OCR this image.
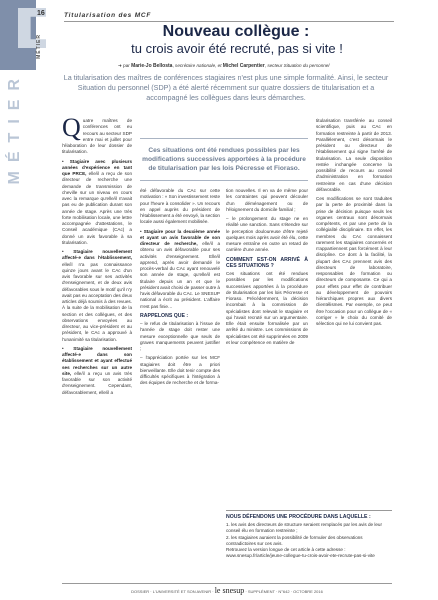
MÉTIER
16
MÉTIER
Titularisation des MCF
Nouveau collègue :
tu crois avoir été recruté, pas si vite !
➜ par Marie-Jo Bellosta, secrétaire nationale, et Michel Carpentier, secteur Situation du personnel
La titularisation des maîtres de conférences stagiaires n'est plus une simple formalité. Ainsi, le secteur Situation du personnel (SDP) a été alerté récemment sur quatre dossiers de titularisation et a accompagné les collègues dans leurs démarches.

Quatre maîtres de conférences ont eu recours au secteur SDP entre mai et juillet pour l'élaboration de leur dossier de titularisation.

• Stagiaire avec plusieurs années d'expérience en tant que PRCE, elle/il a reçu de son directeur de recherche une demande de transmission de cheville sur un niveau en cours avec la remarque qu'elle/il n'avait pas eu de publication durant son année de stage. Après une très forte mobilisation locale, une lettre accompagnée d'attestations, le Conseil académique (CAc) a donné un avis favorable à sa titularisation.

• Stagiaire nouvellement affecté·e dans l'établissement, elle/il n'a pas connaissance quinze jours avant le CAc d'un avis favorable sur ses activités d'enseignement, et de deux avis défavorables sous le motif qu'il n'y avait pas eu acceptation des deux articles déjà soumis à des revues. À la suite de la mobilisation de la section et des collègues, et des observations envoyées au directeur, au vice-président et au président, le CAc a approuvé à l'unanimité sa titularisation.

• Stagiaire nouvellement affecté·e dans son établissement et ayant effectué ses recherches sur un autre site, elle/il a reçu un avis très favorable sur son activité d'enseignement. Cependant, défavorablement, elle/il a

Ces situations ont été rendues possibles par les modifications successives apportées à la procédure de titularisation par les lois Pécresse et Fioraso.

été défavorable du CAc sur cette motivation : « Son investissement reste pour l'heure à consolider ». Un recours en appel auprès du président de l'établissement a été envoyé, la section locale aussi également mobilisée.

• Stagiaire pour la deuxième année et ayant un avis favorable de son directeur de recherche, elle/il a obtenu un avis défavorable pour ses activités d'enseignement. Elle/il apprend, après avoir demandé le procès-verbal du CAc ayant renouvelé son année de stage, qu'elle/il est titulaire depuis un an et que le président avait choisi de passer outre à l'avis défavorable du CAc. Le SNESUP national a écrit au président. L'affaire n'est pas finie…

RAPPELONS QUE :

– le refus de titularisation à l'issue de l'année de stage doit rester une mesure exceptionnelle que seuls de graves manquements peuvent justifier ;

– l'appréciation portée sur les MCF stagiaires doit être a priori bienveillante. Elle doit tenir compte des difficultés spécifiques à l'intégration à des équipes de recherche et de forma-

tion nouvelles. Il en va de même pour les contraintes qui peuvent découler d'un déménagement ou de l'éloignement du domicile familial ;

– le prolongement du stage ne en réalité une sanction. Sans s'étendre sur le perception douloureuse d'être rejeté quelques mois après avoir été élu, cette mesure entraîne en outre un retard de carrière d'une année.

COMMENT EST-ON ARRIVÉ À CES SITUATIONS ?

Ces situations ont été rendues possibles par les modifications successives apportées à la procédure de titularisation par les lois Pécresse et Fioraso. Précédemment, la décision incombait à la commission de spécialistes dont relevait le stagiaire et qui l'avait recruté sur un argumentaire. Elle était ensuite formalisée par un arrêté du ministre. Les commissions de spécialistes ont été supprimées en 2009 et leur compétence en matière de

titularisation transférée au conseil scientifique, puis au CAc en formation restreinte à partir de 2013. Parallèlement, c'est désormais le président ou directeur de l'établissement qui signe l'arrêté de titularisation. La seule disposition restée inchangée concerne la possibilité de recours au conseil d'administration en formation restreinte en cas d'une décision défavorable.

Ces modifications se sont traduites par la perte de proximité dans la prise de décision puisque seuls les organes centraux sont désormais compétents, et par une perte de la collégialité disciplinaire. En effet, les membres du CAc connaissent rarement les stagiaires concernés et n'appartiennent pas forcément à leur discipline. Ce dont à la facilité, la plupart des CAc prennent avis des directeurs de laboratoire, responsables de formation ou directeurs de composante. Ce qui a pour effets pour effet de contribuer au développement de pouvoirs hiérarchiques propres aux divers clientélismes. Par exemple, ce peut être l'occasion pour un collègue de « corriger » le choix du comité de sélection qui ne lui convient pas.

NOUS DÉFENDONS UNE PROCÉDURE DANS LAQUELLE :

1. les avis des directeurs de structure seraient remplacés par les avis de leur conseil élu en formation restreinte ;

2. les stagiaires auraient la possibilité de formuler des observations contradictoires sur ces avis.

Retrouvez la version longue de cet article à cette adresse : www.snesup.fr/article/jeune-collegue-tu-crois-avoir-ete-recrute-pas-si-vite

DOSSIER · L'UNIVERSITÉ ET SON AVENIR · le snesup · SUPPLÉMENT · N°642 · OCTOBRE 2016
